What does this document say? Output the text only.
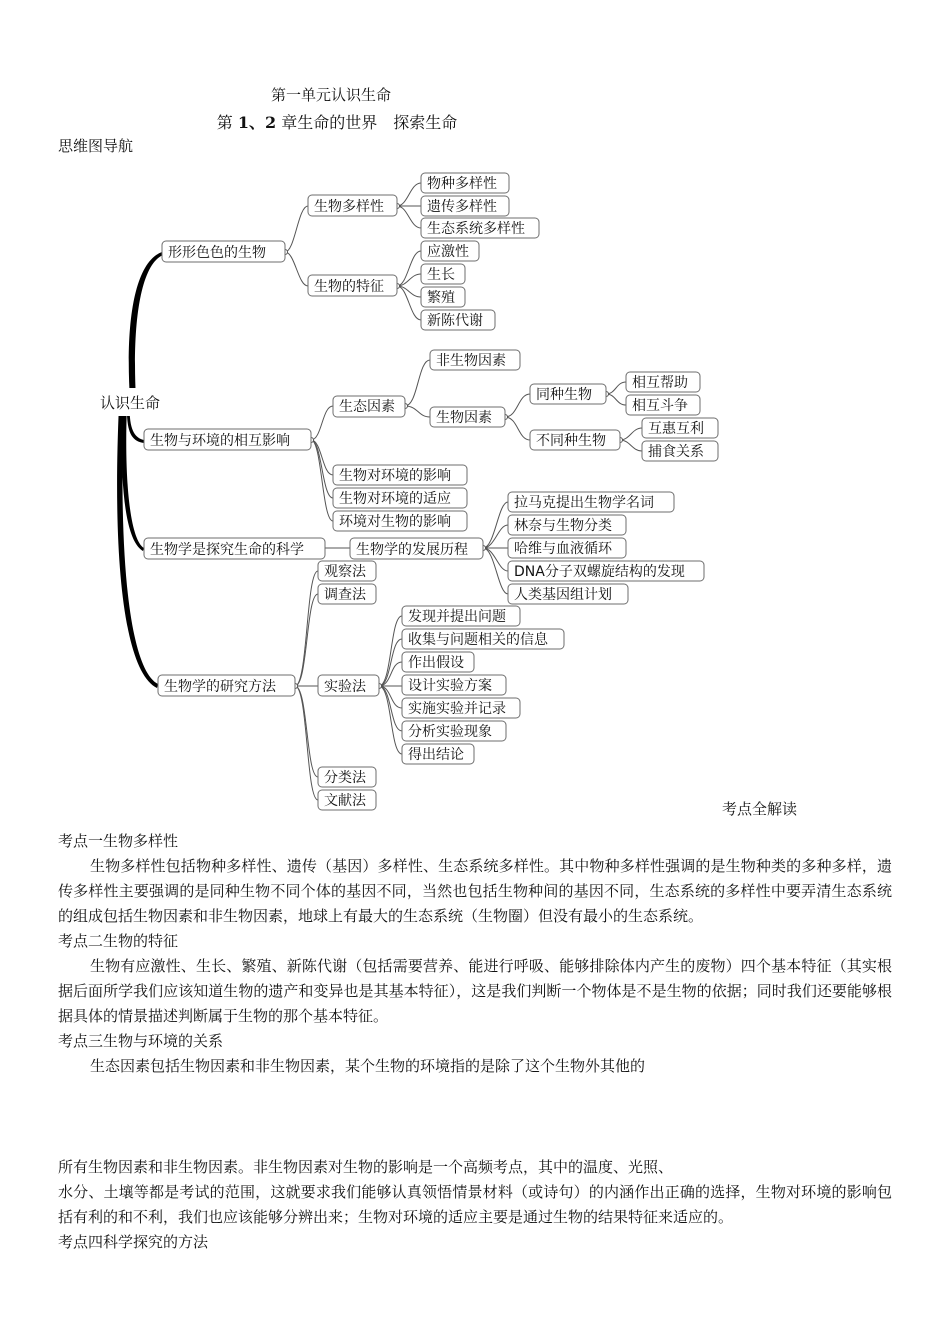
第一单元认识生命
第 1、2 章生命的世界　探索生命
思维图导航
认识生命
形形色色的生物
生物多样性
物种多样性
遗传多样性
生态系统多样性
生物的特征
应激性
生长
繁殖
新陈代谢
生物与环境的相互影响
生态因素
非生物因素
生物因素
同种生物
相互帮助
相互斗争
不同种生物
互惠互利
捕食关系
生物对环境的影响
生物对环境的适应
环境对生物的影响
生物学是探究生命的科学	生物学的发展历程
拉马克提出生物学名词
林奈与生物分类
哈维与血液循环
DNA分子双螺旋结构的发现
人类基因组计划
生物学的研究方法
观察法
调查法
实验法
发现并提出问题
收集与问题相关的信息
作出假设
设计实验方案
实施实验并记录
分析实验现象
得出结论
分类法
文献法	考点全解读
考点一生物多样性

生物多样性包括物种多样性、遗传（基因）多样性、生态系统多样性。其中物种多样性强调的是生物种类的多种多样，遗传多样性主要强调的是同种生物不同个体的基因不同，当然也包括生物种间的基因不同，生态系统的多样性中要弄清生态系统的组成包括生物因素和非生物因素，地球上有最大的生态系统（生物圈）但没有最小的生态系统。

考点二生物的特征

生物有应激性、生长、繁殖、新陈代谢（包括需要营养、能进行呼吸、能够排除体内产生的废物）四个基本特征（其实根据后面所学我们应该知道生物的遗产和变异也是其基本特征），这是我们判断一个物体是不是生物的依据；同时我们还要能够根据具体的情景描述判断属于生物的那个基本特征。

考点三生物与环境的关系

生态因素包括生物因素和非生物因素，某个生物的环境指的是除了这个生物外其他的

所有生物因素和非生物因素。非生物因素对生物的影响是一个高频考点，其中的温度、光照、

水分、土壤等都是考试的范围，这就要求我们能够认真领悟情景材料（或诗句）的内涵作出正确的选择，生物对环境的影响包括有利的和不利，我们也应该能够分辨出来；生物对环境的适应主要是通过生物的结果特征来适应的。

考点四科学探究的方法
